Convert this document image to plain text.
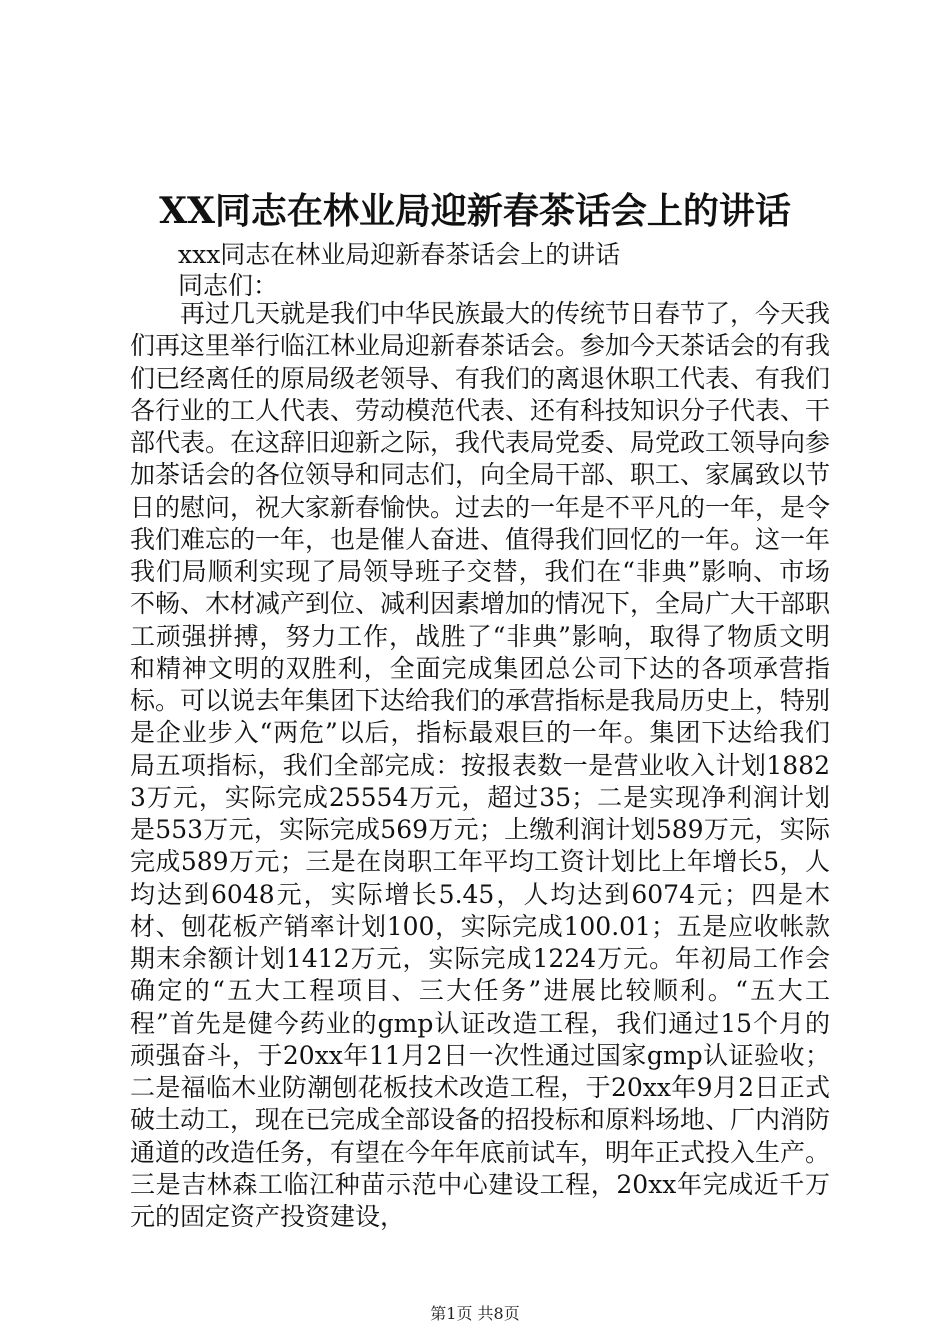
XX同志在林业局迎新春茶话会上的讲话
xxx同志在林业局迎新春茶话会上的讲话
同志们：
再过几天就是我们中华民族最大的传统节日春节了，今天我们再这里举行临江林业局迎新春茶话会。参加今天茶话会的有我们已经离任的原局级老领导、有我们的离退休职工代表、有我们各行业的工人代表、劳动模范代表、还有科技知识分子代表、干部代表。在这辞旧迎新之际，我代表局党委、局党政工领导向参加茶话会的各位领导和同志们，向全局干部、职工、家属致以节日的慰问，祝大家新春愉快。过去的一年是不平凡的一年，是令我们难忘的一年，也是催人奋进、值得我们回忆的一年。这一年我们局顺利实现了局领导班子交替，我们在“非典”影响、市场不畅、木材减产到位、减利因素增加的情况下，全局广大干部职工顽强拼搏，努力工作，战胜了“非典”影响，取得了物质文明和精神文明的双胜利，全面完成集团总公司下达的各项承营指标。可以说去年集团下达给我们的承营指标是我局历史上，特别是企业步入“两危”以后，指标最艰巨的一年。集团下达给我们局五项指标，我们全部完成：按报表数一是营业收入计划18823万元，实际完成25554万元，超过35；二是实现净利润计划是553万元，实际完成569万元；上缴利润计划589万元，实际完成589万元；三是在岗职工年平均工资计划比上年增长5，人均达到6048元，实际增长5.45，人均达到6074元；四是木材、刨花板产销率计划100，实际完成100.01；五是应收帐款期末余额计划1412万元，实际完成1224万元。年初局工作会确定的“五大工程项目、三大任务”进展比较顺利。“五大工程”首先是健今药业的gmp认证改造工程，我们通过15个月的顽强奋斗，于20xx年11月2日一次性通过国家gmp认证验收；二是福临木业防潮刨花板技术改造工程，于20xx年9月2日正式破土动工，现在已完成全部设备的招投标和原料场地、厂内消防通道的改造任务，有望在今年年底前试车，明年正式投入生产。三是吉林森工临江种苗示范中心建设工程，20xx年完成近千万元的固定资产投资建设，
第1页 共8页
